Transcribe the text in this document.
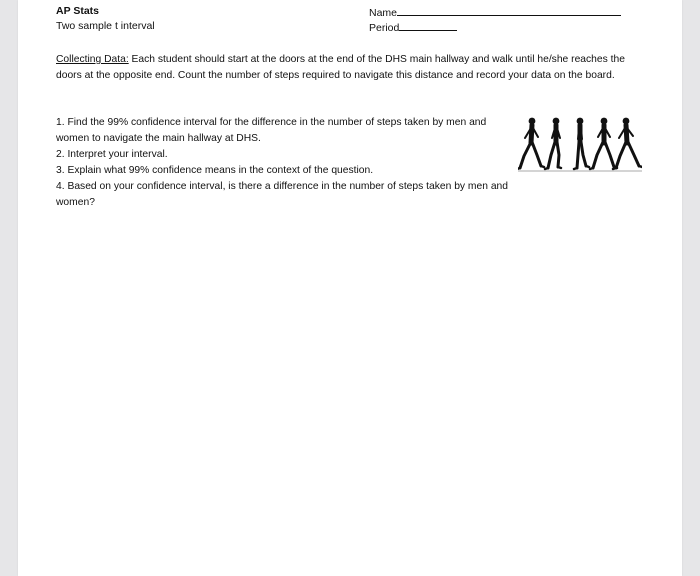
AP Stats
Two sample t interval
Name
Period
Collecting Data: Each student should start at the doors at the end of the DHS main hallway and walk until he/she reaches the doors at the opposite end. Count the number of steps required to navigate this distance and record your data on the board.
1. Find the 99% confidence interval for the difference in the number of steps taken by men and women to navigate the main hallway at DHS.
2. Interpret your interval.
3. Explain what 99% confidence means in the context of the question.
4. Based on your confidence interval, is there a difference in the number of steps taken by men and women?
